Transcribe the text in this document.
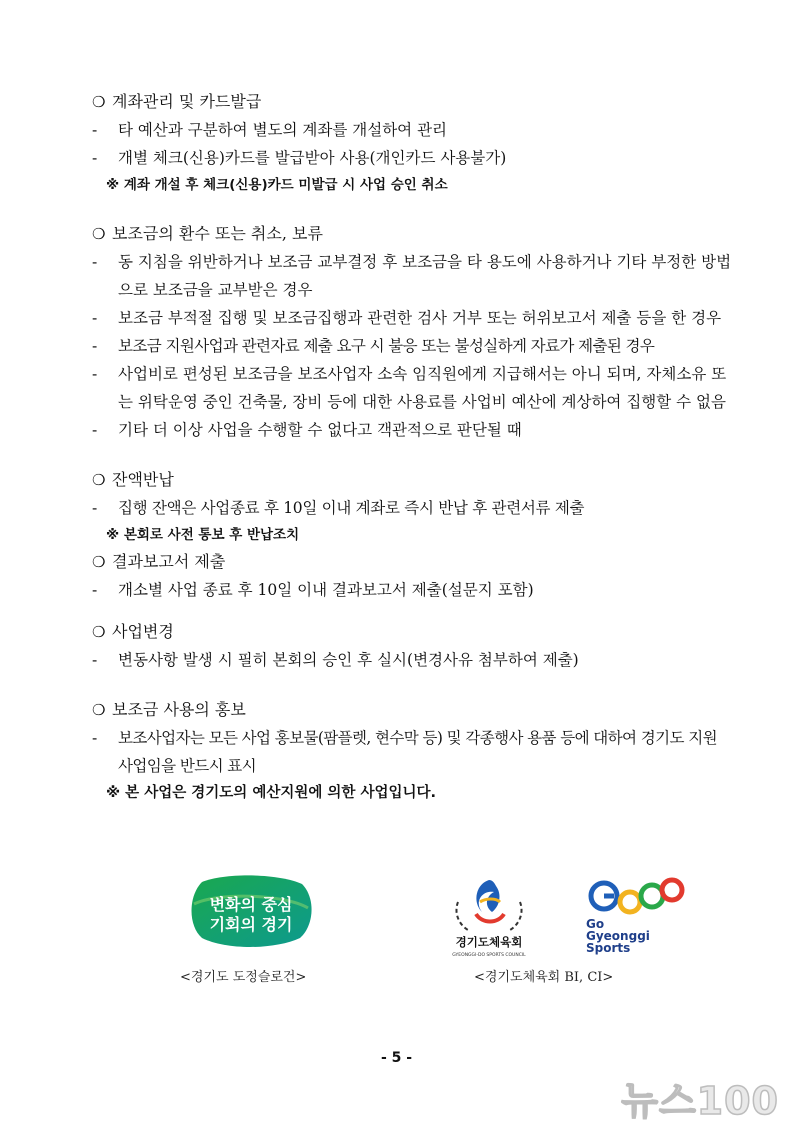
❍ 계좌관리 및 카드발급
- 타 예산과 구분하여 별도의 계좌를 개설하여 관리
- 개별 체크(신용)카드를 발급받아 사용(개인카드 사용불가)
※ 계좌 개설 후 체크(신용)카드 미발급 시 사업 승인 취소
❍ 보조금의 환수 또는 취소, 보류
- 동 지침을 위반하거나 보조금 교부결정 후 보조금을 타 용도에 사용하거나 기타 부정한 방법으로 보조금을 교부받은 경우
- 보조금 부적절 집행 및 보조금집행과 관련한 검사 거부 또는 허위보고서 제출 등을 한 경우
- 보조금 지원사업과 관련자료 제출 요구 시 불응 또는 불성실하게 자료가 제출된 경우
- 사업비로 편성된 보조금을 보조사업자 소속 임직원에게 지급해서는 아니 되며, 자체소유 또는 위탁운영 중인 건축물, 장비 등에 대한 사용료를 사업비 예산에 계상하여 집행할 수 없음
- 기타 더 이상 사업을 수행할 수 없다고 객관적으로 판단될 때
❍ 잔액반납
- 집행 잔액은 사업종료 후 10일 이내 계좌로 즉시 반납 후 관련서류 제출
※ 본회로 사전 통보 후 반납조치
❍ 결과보고서 제출
- 개소별 사업 종료 후 10일 이내 결과보고서 제출(설문지 포함)
❍ 사업변경
- 변동사항 발생 시 필히 본회의 승인 후 실시(변경사유 첨부하여 제출)
❍ 보조금 사용의 홍보
- 보조사업자는 모든 사업 홍보물(팜플렛, 현수막 등) 및 각종행사 용품 등에 대하여 경기도 지원 사업임을 반드시 표시
※ 본 사업은 경기도의 예산지원에 의한 사업입니다.
변화의 중심
기회의 경기
경기도체육회
GYEONGGI-DO SPORTS COUNCIL
Go
Gyeonggi
Sports
<경기도 도정슬로건>	<경기도체육회 BI, CI>
- 5 -
뉴스100
